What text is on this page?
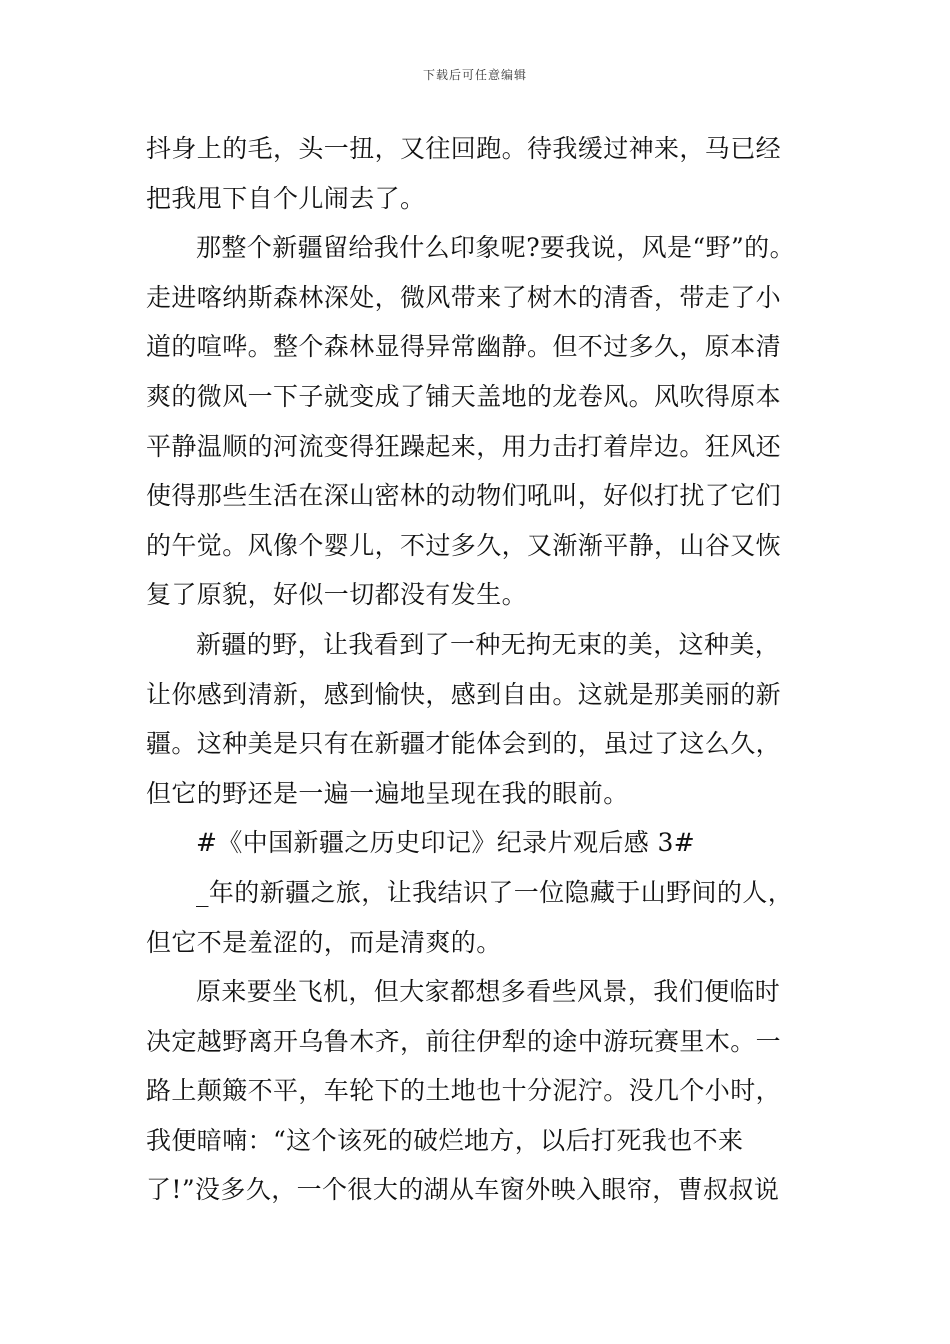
下载后可任意编辑
抖身上的毛，头一扭，又往回跑。待我缓过神来，马已经
把我甩下自个儿闹去了。
那整个新疆留给我什么印象呢?要我说，风是“野”的。
走进喀纳斯森林深处，微风带来了树木的清香，带走了小
道的喧哗。整个森林显得异常幽静。但不过多久，原本清
爽的微风一下子就变成了铺天盖地的龙卷风。风吹得原本
平静温顺的河流变得狂躁起来，用力击打着岸边。狂风还
使得那些生活在深山密林的动物们吼叫，好似打扰了它们
的午觉。风像个婴儿，不过多久，又渐渐平静，山谷又恢
复了原貌，好似一切都没有发生。
新疆的野，让我看到了一种无拘无束的美，这种美，
让你感到清新，感到愉快，感到自由。这就是那美丽的新
疆。这种美是只有在新疆才能体会到的，虽过了这么久，
但它的野还是一遍一遍地呈现在我的眼前。
#《中国新疆之历史印记》纪录片观后感 3#
_年的新疆之旅，让我结识了一位隐藏于山野间的人，
但它不是羞涩的，而是清爽的。
原来要坐飞机，但大家都想多看些风景，我们便临时
决定越野离开乌鲁木齐，前往伊犁的途中游玩赛里木。一
路上颠簸不平，车轮下的土地也十分泥泞。没几个小时，
我便暗喃：“这个该死的破烂地方，以后打死我也不来
了!”没多久，一个很大的湖从车窗外映入眼帘，曹叔叔说
